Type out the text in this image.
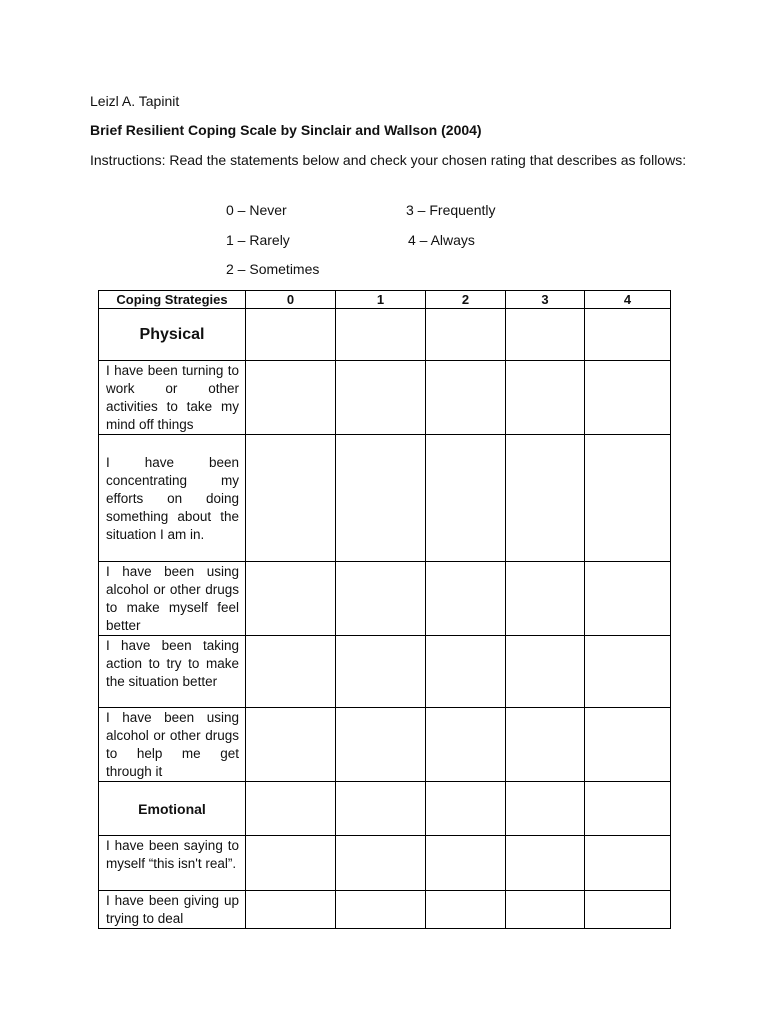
Leizl A. Tapinit
Brief Resilient Coping Scale by Sinclair and Wallson (2004)
Instructions: Read the statements below and check your chosen rating that describes as follows:
0 – Never
1 – Rarely
2 – Sometimes
3 – Frequently
4 – Always
Coping Strategies	0	1	2	3	4
Physical					
I have been turning to work or other activities to take my mind off things					
I have been concentrating my efforts on doing something about the situation I am in.					
I have been using alcohol or other drugs to make myself feel better					
I have been taking action to try to make the situation better					
I have been using alcohol or other drugs to help me get through it					
Emotional					
I have been saying to myself “this isn't real”.					
I have been giving up trying to deal					
